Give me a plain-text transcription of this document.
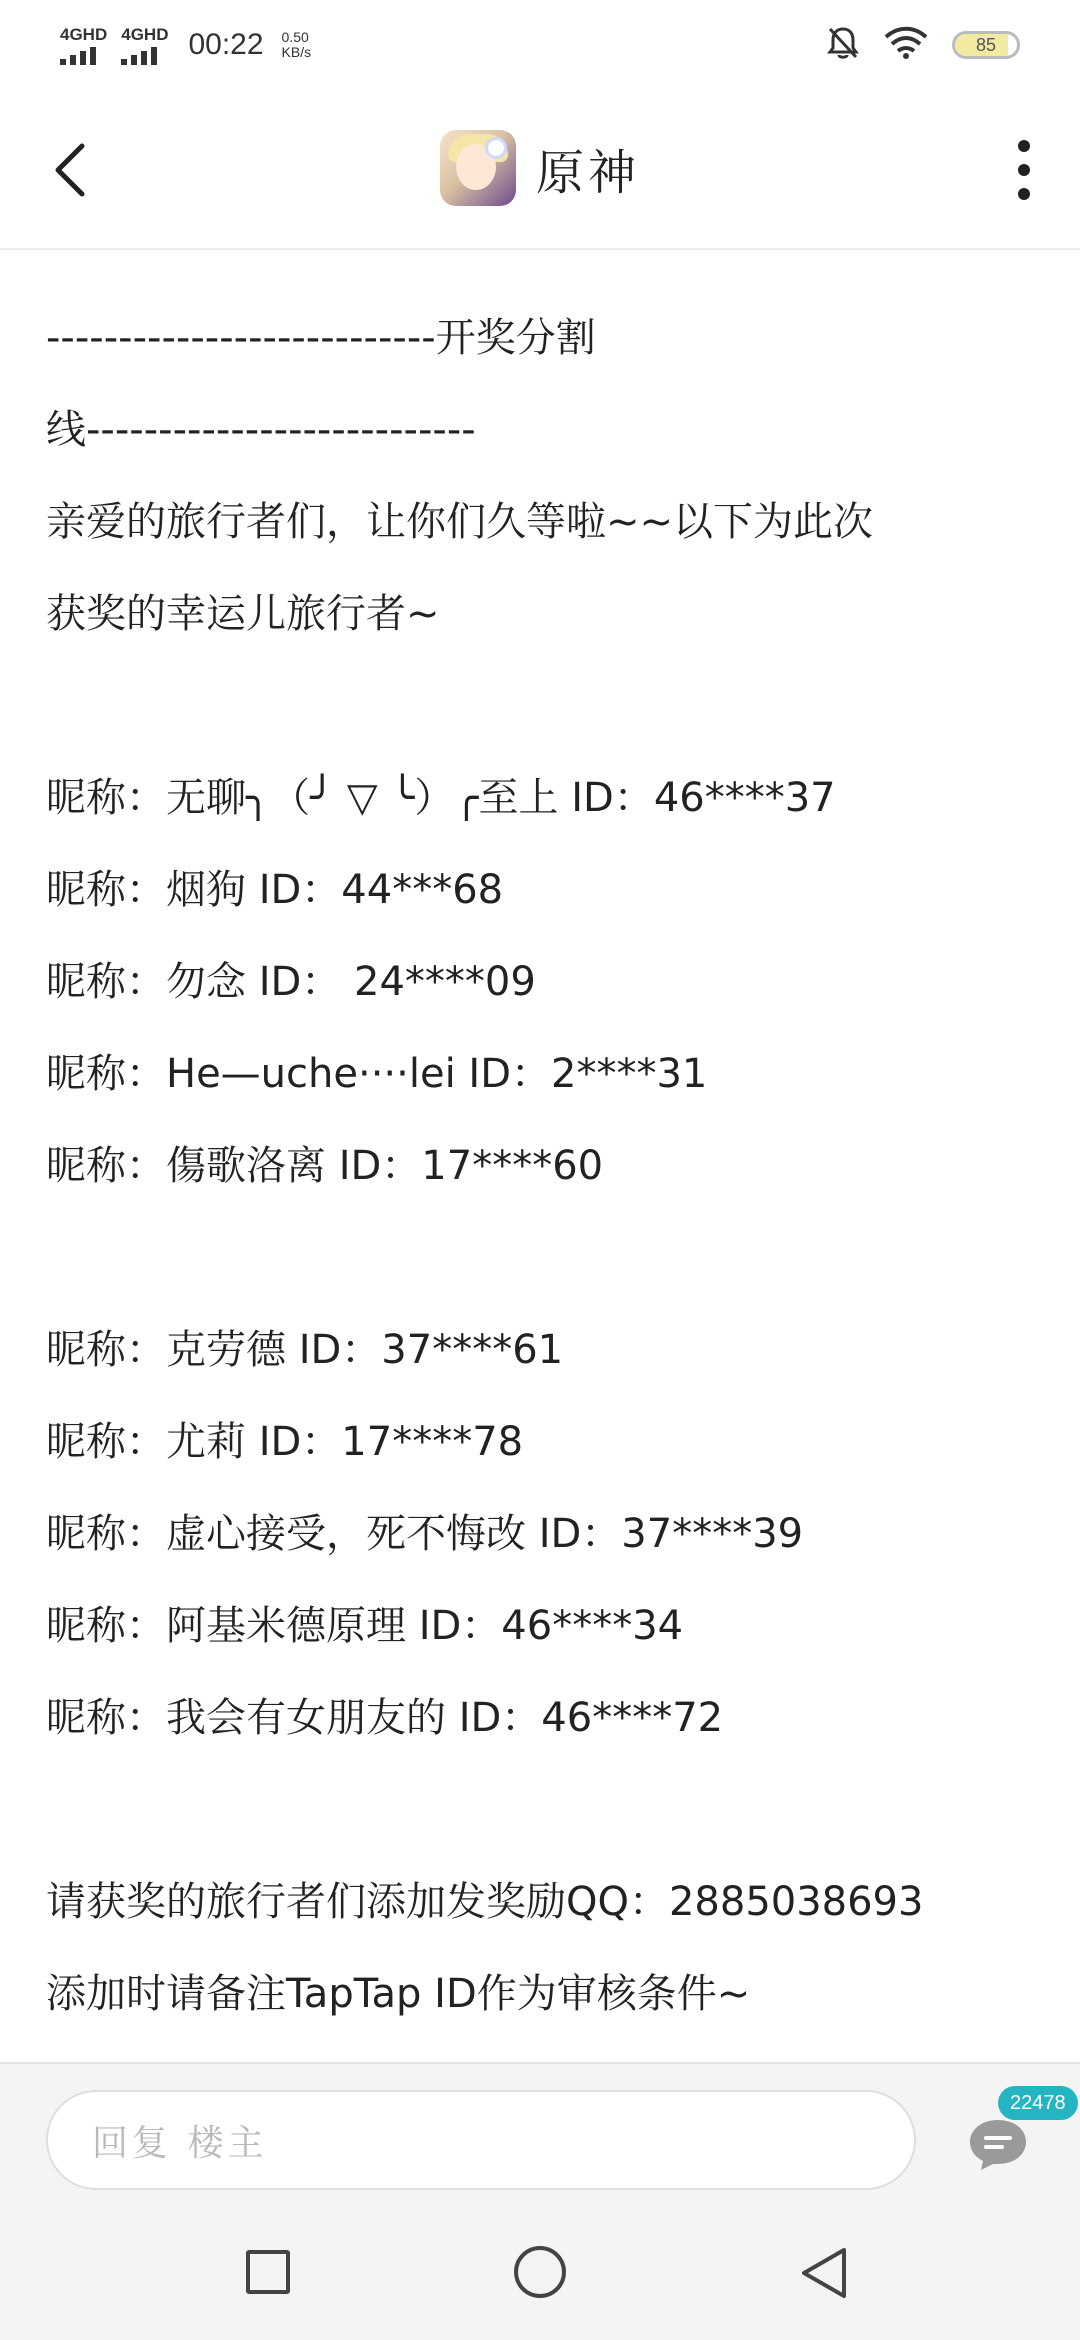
4GHD 4GHD 00:22 0.50
KB/s	85
原神
---------------------------开奖分割
线---------------------------
亲爱的旅行者们，让你们久等啦~~以下为此次
获奖的幸运儿旅行者~
昵称：无聊╮（╯ ▽ ╰）╭至上 ID：46****37
昵称：烟狗 ID：44***68
昵称：勿念 ID： 24****09
昵称：He—uche····lei ID：2****31
昵称：傷歌洛离 ID：17****60
昵称：克劳德 ID：37****61
昵称：尤莉 ID：17****78
昵称：虚心接受，死不悔改 ID：37****39
昵称：阿基米德原理 ID：46****34
昵称：我会有女朋友的 ID：46****72
请获奖的旅行者们添加发奖励QQ：2885038693
添加时请备注TapTap ID作为审核条件~
回复 楼主
22478
